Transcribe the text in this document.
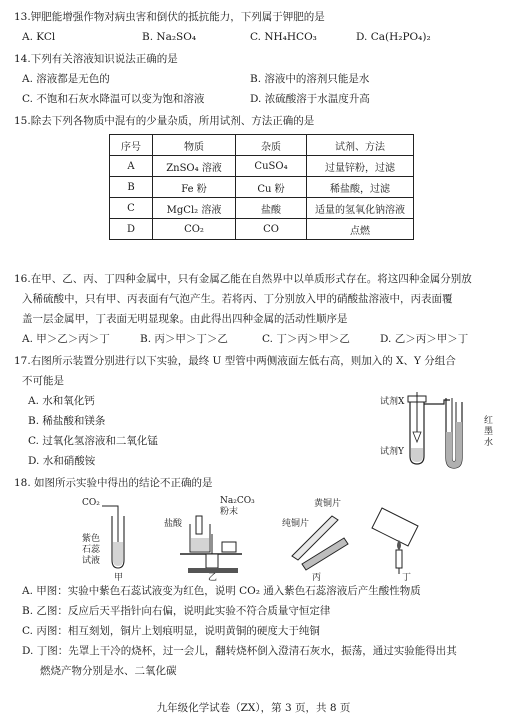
13.钾肥能增强作物对病虫害和倒伏的抵抗能力，下列属于钾肥的是
A. KCl	B. Na₂SO₄	C. NH₄HCO₃	D. Ca(H₂PO₄)₂
14.下列有关溶液知识说法正确的是
A. 溶液都是无色的	B. 溶液中的溶剂只能是水
C. 不饱和石灰水降温可以变为饱和溶液	D. 浓硫酸溶于水温度升高
15.除去下列各物质中混有的少量杂质，所用试剂、方法正确的是
序号	物质	杂质	试剂、方法
A	ZnSO₄ 溶液	CuSO₄	过量锌粉，过滤
B	Fe 粉	Cu 粉	稀盐酸，过滤
C	MgCl₂ 溶液	盐酸	适量的氢氧化钠溶液
D	CO₂	CO	点燃
16.在甲、乙、丙、丁四种金属中，只有金属乙能在自然界中以单质形式存在。将这四种金属分别放
入稀硫酸中，只有甲、丙表面有气泡产生。若将丙、丁分别放入甲的硝酸盐溶液中，丙表面覆
盖一层金属甲，丁表面无明显现象。由此得出四种金属的活动性顺序是
A. 甲＞乙＞丙＞丁	B. 丙＞甲＞丁＞乙	C. 丁＞丙＞甲＞乙	D. 乙＞丙＞甲＞丁
17.右图所示装置分别进行以下实验，最终 U 型管中两侧液面左低右高，则加入的 X、Y 分组合
不可能是
A. 水和氧化钙
B. 稀盐酸和镁条
C. 过氧化氢溶液和二氧化锰
D. 水和硝酸铵
试剂X
试剂Y
红墨水
18. 如图所示实验中得出的结论不正确的是
CO₂
紫色石蕊试液
甲
盐酸
Na₂CO₃ 粉末
乙
黄铜片
纯铜片
丙	丁
A. 甲图：实验中紫色石蕊试液变为红色，说明 CO₂ 通入紫色石蕊溶液后产生酸性物质
B. 乙图：反应后天平指针向右偏，说明此实验不符合质量守恒定律
C. 丙图：相互刻划，铜片上划痕明显，说明黄铜的硬度大于纯铜
D. 丁图：先罩上干冷的烧杯，过一会儿，翻转烧杯倒入澄清石灰水，振荡，通过实验能得出其
燃烧产物分别是水、二氧化碳
九年级化学试卷（ZX），第 3 页，共 8 页
